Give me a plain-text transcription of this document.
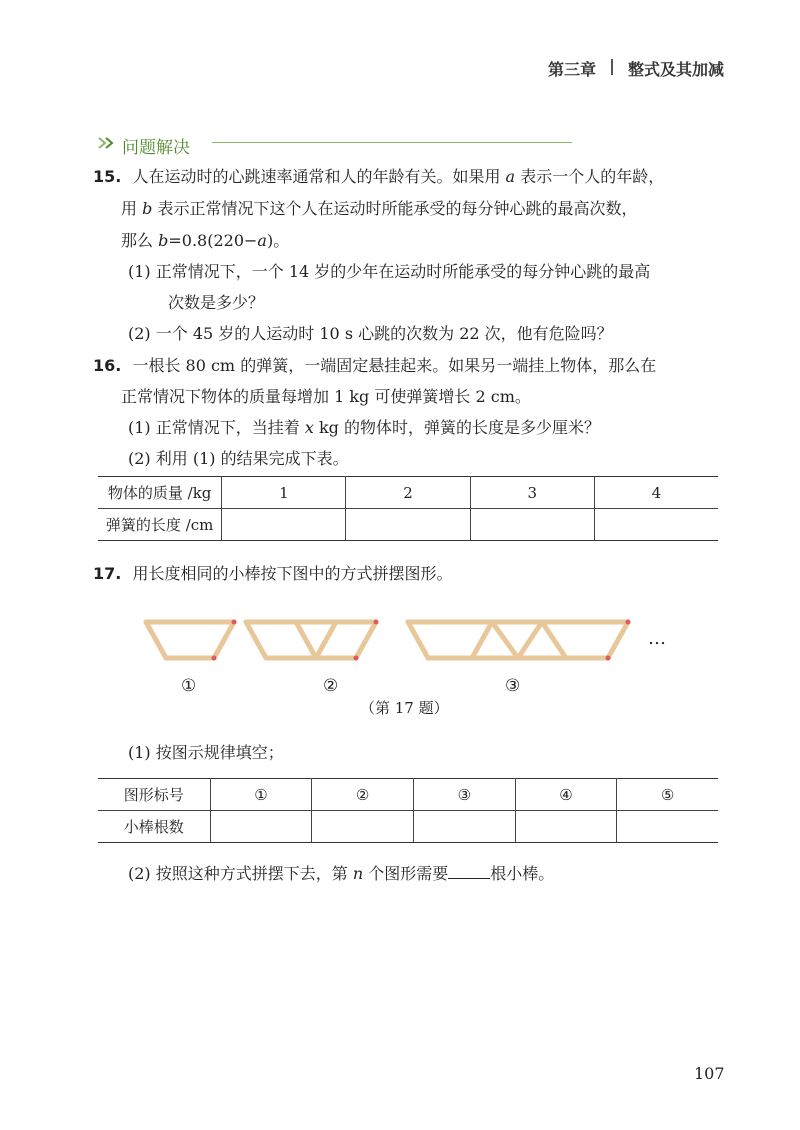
第三章 整式及其加减
问题解决
15. 人在运动时的心跳速率通常和人的年龄有关。如果用 a 表示一个人的年龄，
用 b 表示正常情况下这个人在运动时所能承受的每分钟心跳的最高次数，
那么 b=0.8(220−a)。
(1) 正常情况下，一个 14 岁的少年在运动时所能承受的每分钟心跳的最高
次数是多少？
(2) 一个 45 岁的人运动时 10 s 心跳的次数为 22 次，他有危险吗？
16. 一根长 80 cm 的弹簧，一端固定悬挂起来。如果另一端挂上物体，那么在
正常情况下物体的质量每增加 1 kg 可使弹簧增长 2 cm。
(1) 正常情况下，当挂着 x kg 的物体时，弹簧的长度是多少厘米？
(2) 利用 (1) 的结果完成下表。
物体的质量 /kg	1	2	3	4
弹簧的长度 /cm				
17. 用长度相同的小棒按下图中的方式拼摆图形。
…
①	②	③
（第 17 题）
(1) 按图示规律填空；
图形标号	①	②	③	④	⑤
小棒根数					
(2) 按照这种方式拼摆下去，第 n 个图形需要	根小棒。
107
